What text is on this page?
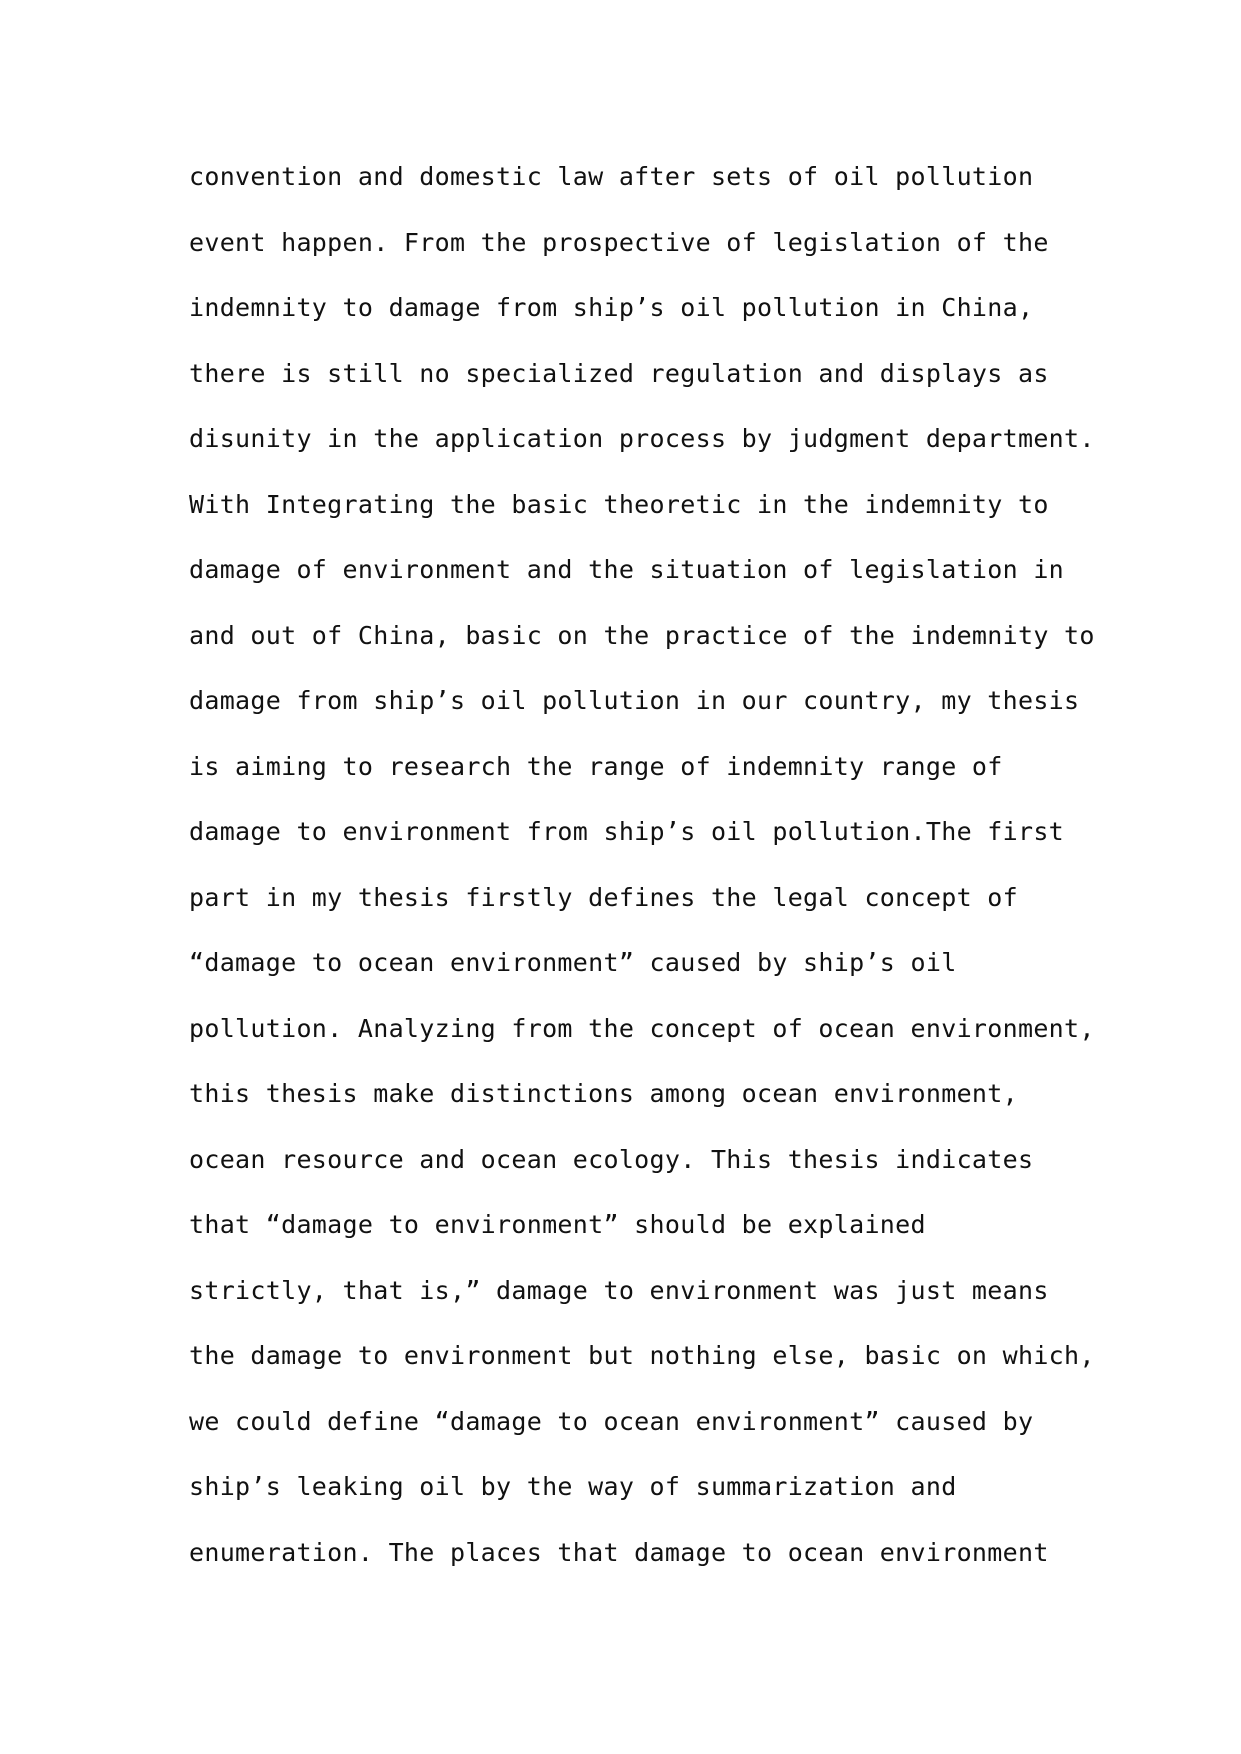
convention and domestic law after sets of oil pollution
event happen. From the prospective of legislation of the
indemnity to damage from ship’s oil pollution in China,
there is still no specialized regulation and displays as
disunity in the application process by judgment department.
With Integrating the basic theoretic in the indemnity to
damage of environment and the situation of legislation in
and out of China, basic on the practice of the indemnity to
damage from ship’s oil pollution in our country, my thesis
is aiming to research the range of indemnity range of
damage to environment from ship’s oil pollution.The first
part in my thesis firstly defines the legal concept of
“damage to ocean environment” caused by ship’s oil
pollution. Analyzing from the concept of ocean environment,
this thesis make distinctions among ocean environment,
ocean resource and ocean ecology. This thesis indicates
that “damage to environment” should be explained
strictly, that is,” damage to environment was just means
the damage to environment but nothing else, basic on which,
we could define “damage to ocean environment” caused by
ship’s leaking oil by the way of summarization and
enumeration. The places that damage to ocean environment
